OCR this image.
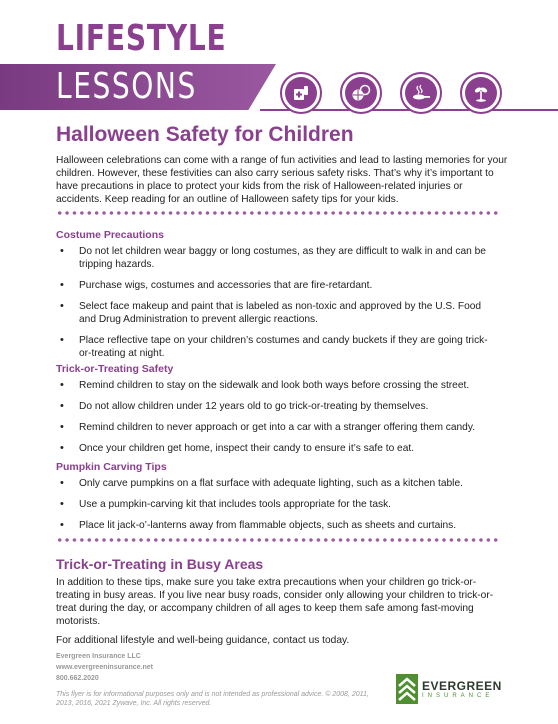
LIFESTYLE
LESSONS
Halloween Safety for Children

Halloween celebrations can come with a range of fun activities and lead to lasting memories for your children. However, these festivities can also carry serious safety risks. That’s why it’s important to have precautions in place to protect your kids from the risk of Halloween-related injuries or accidents. Keep reading for an outline of Halloween safety tips for your kids.

Costume Precautions
• Do not let children wear baggy or long costumes, as they are difficult to walk in and can be tripping hazards.
• Purchase wigs, costumes and accessories that are fire-retardant.
• Select face makeup and paint that is labeled as non-toxic and approved by the U.S. Food and Drug Administration to prevent allergic reactions.
• Place reflective tape on your children’s costumes and candy buckets if they are going trick-or-treating at night.
Trick-or-Treating Safety
• Remind children to stay on the sidewalk and look both ways before crossing the street.
• Do not allow children under 12 years old to go trick-or-treating by themselves.
• Remind children to never approach or get into a car with a stranger offering them candy.
• Once your children get home, inspect their candy to ensure it’s safe to eat.
Pumpkin Carving Tips
• Only carve pumpkins on a flat surface with adequate lighting, such as a kitchen table.
• Use a pumpkin-carving kit that includes tools appropriate for the task.
• Place lit jack-o’-lanterns away from flammable objects, such as sheets and curtains.
Trick-or-Treating in Busy Areas

In addition to these tips, make sure you take extra precautions when your children go trick-or-treating in busy areas. If you live near busy roads, consider only allowing your children to trick-or-treat during the day, or accompany children of all ages to keep them safe among fast-moving motorists.

For additional lifestyle and well-being guidance, contact us today.

Evergreen Insurance LLC
www.evergreeninsurance.net
800.662.2020
This flyer is for informational purposes only and is not intended as professional advice. © 2008, 2011, 2013, 2016, 2021 Zywave, Inc. All rights reserved.
EVERGREEN
INSURANCE
